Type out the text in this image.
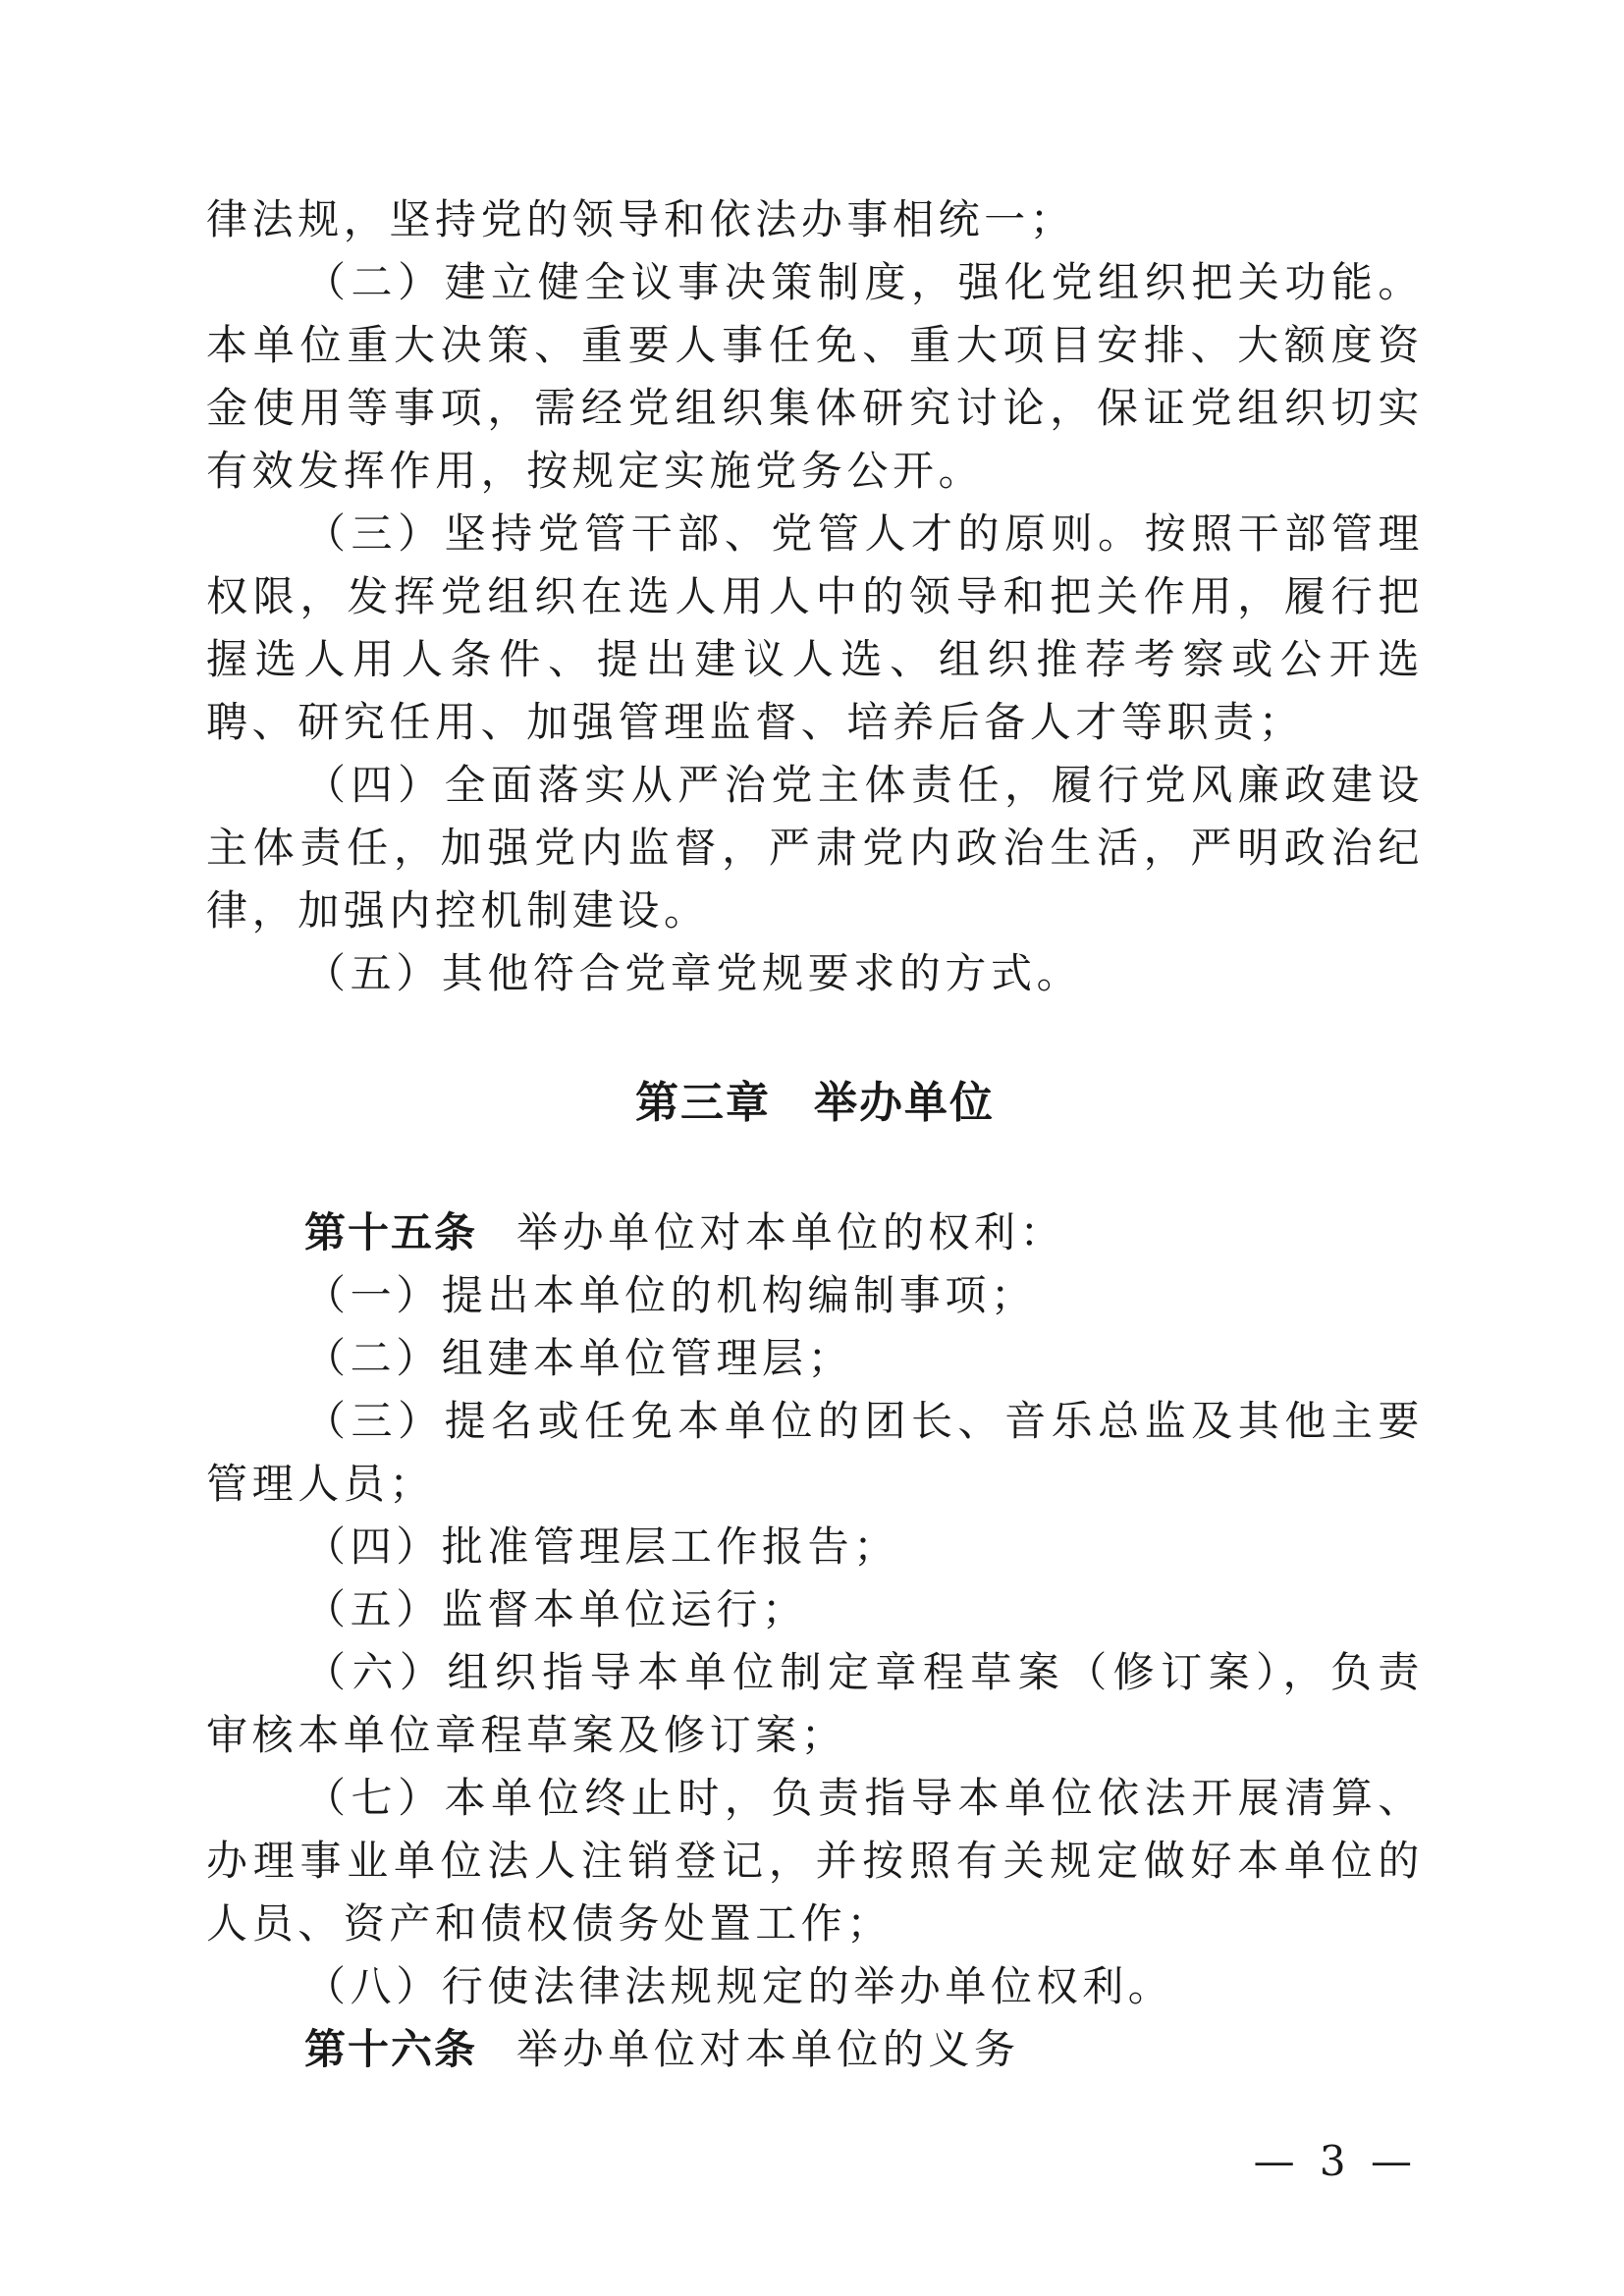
律法规，坚持党的领导和依法办事相统一；

（二）建立健全议事决策制度，强化党组织把关功能。本单位重大决策、重要人事任免、重大项目安排、大额度资金使用等事项，需经党组织集体研究讨论，保证党组织切实有效发挥作用，按规定实施党务公开。

（三）坚持党管干部、党管人才的原则。按照干部管理权限，发挥党组织在选人用人中的领导和把关作用，履行把握选人用人条件、提出建议人选、组织推荐考察或公开选聘、研究任用、加强管理监督、培养后备人才等职责；

（四）全面落实从严治党主体责任，履行党风廉政建设主体责任，加强党内监督，严肃党内政治生活，严明政治纪律，加强内控机制建设。

（五）其他符合党章党规要求的方式。

第三章 举办单位

第十五条 举办单位对本单位的权利：

（一）提出本单位的机构编制事项；

（二）组建本单位管理层；

（三）提名或任免本单位的团长、音乐总监及其他主要管理人员；

（四）批准管理层工作报告；

（五）监督本单位运行；

（六）组织指导本单位制定章程草案（修订案），负责审核本单位章程草案及修订案；

（七）本单位终止时，负责指导本单位依法开展清算、办理事业单位法人注销登记，并按照有关规定做好本单位的人员、资产和债权债务处置工作；

（八）行使法律法规规定的举办单位权利。

第十六条 举办单位对本单位的义务

— 3 —
